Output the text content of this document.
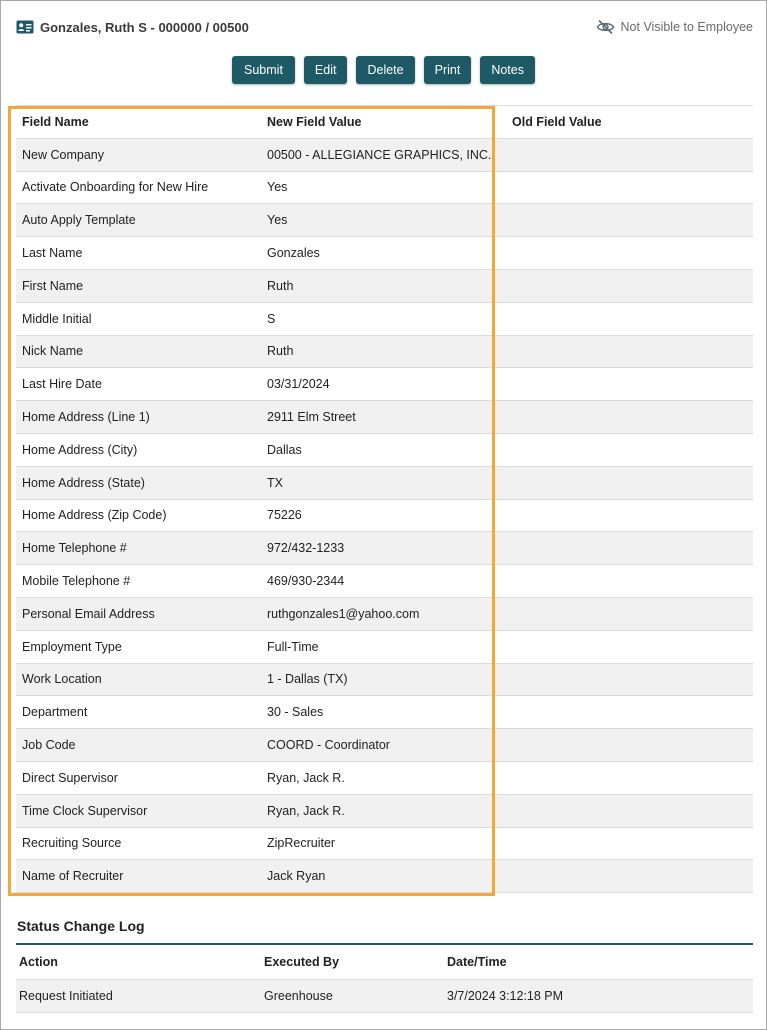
Gonzales, Ruth S - 000000 / 00500	Not Visible to Employee
Submit	Edit	Delete	Print	Notes
Field Name	New Field Value	Old Field Value
New Company	00500 - ALLEGIANCE GRAPHICS, INC.	
Activate Onboarding for New Hire	Yes	
Auto Apply Template	Yes	
Last Name	Gonzales	
First Name	Ruth	
Middle Initial	S	
Nick Name	Ruth	
Last Hire Date	03/31/2024	
Home Address (Line 1)	2911 Elm Street	
Home Address (City)	Dallas	
Home Address (State)	TX	
Home Address (Zip Code)	75226	
Home Telephone #	972/432-1233	
Mobile Telephone #	469/930-2344	
Personal Email Address	ruthgonzales1@yahoo.com	
Employment Type	Full-Time	
Work Location	1 - Dallas (TX)	
Department	30 - Sales	
Job Code	COORD - Coordinator	
Direct Supervisor	Ryan, Jack R.	
Time Clock Supervisor	Ryan, Jack R.	
Recruiting Source	ZipRecruiter	
Name of Recruiter	Jack Ryan	
Status Change Log
Action	Executed By	Date/Time
Request Initiated	Greenhouse	3/7/2024 3:12:18 PM
